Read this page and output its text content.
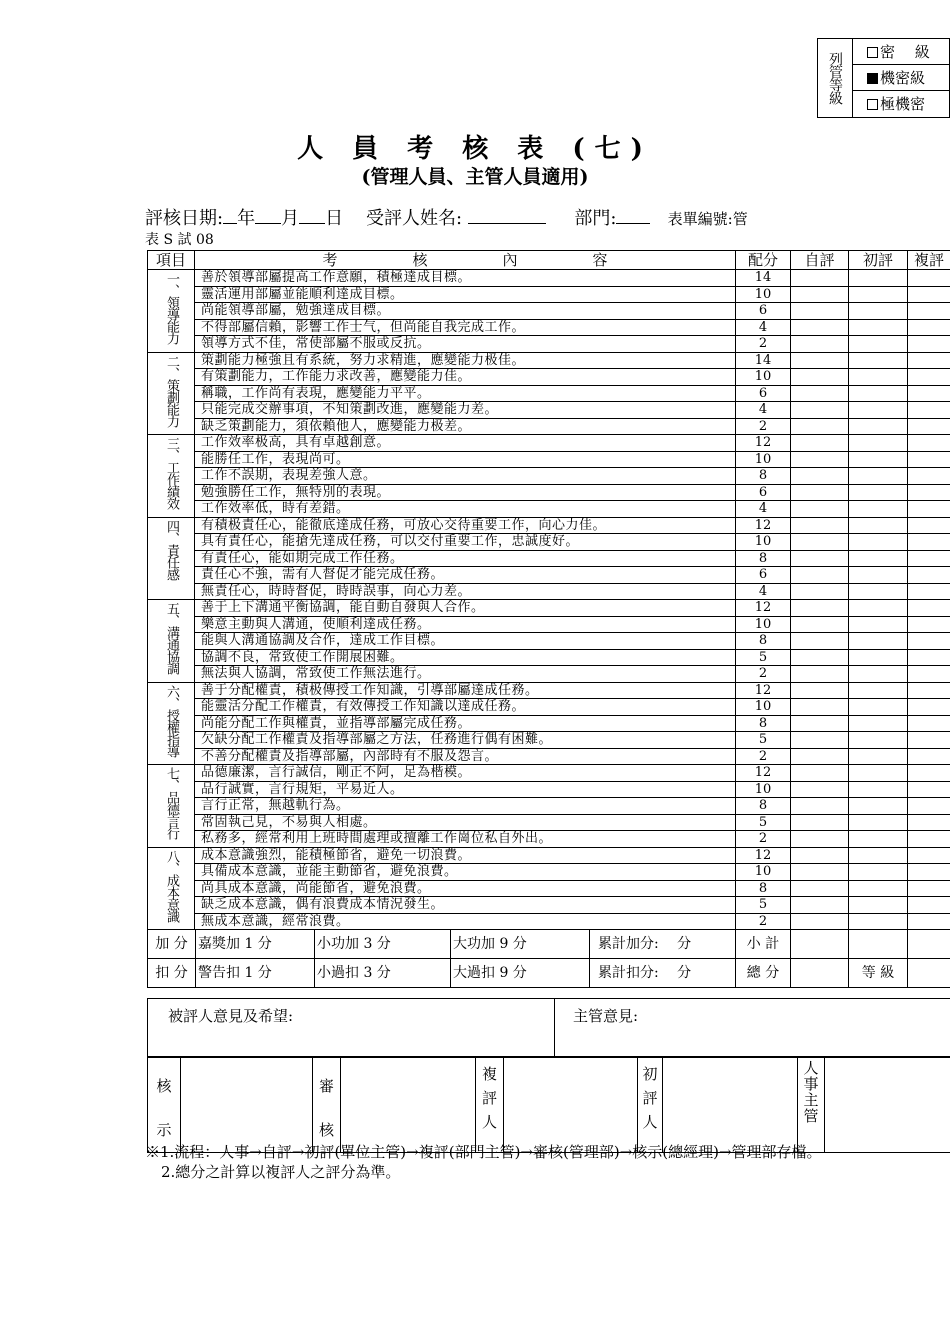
列管等級	密　 級
機密級
極機密
人 員 考 核 表 (七)
(管理人員、主管人員適用)
評核日期: 年 月 日 受評人姓名:	部門:	表單編號:管
表 S 試 08
項目	考　　　　　核　　　　　內　　　　　容	配分	自評	初評	複評
一、領導能力	善於領導部屬提高工作意願，積極達成目標。	14			
	靈活運用部屬並能順利達成目標。	10			
	尚能領導部屬，勉強達成目標。	6			
	不得部屬信賴，影響工作士气，但尚能自我完成工作。	4			
	領導方式不佳，常使部屬不服或反抗。	2			
二、策劃能力	策劃能力極強且有系統，努力求精進，應變能力极佳。	14			
	有策劃能力，工作能力求改善，應變能力佳。	10			
	稱職，工作尚有表現，應變能力平平。	6			
	只能完成交辦事項，不知策劃改進，應變能力差。	4			
	缺乏策劃能力，須依賴他人，應變能力极差。	2			
三、工作績效	工作效率极高，具有卓越創意。	12			
	能勝任工作，表現尚可。	10			
	工作不誤期，表現差強人意。	8			
	勉強勝任工作，無特別的表現。	6			
	工作效率低，時有差錯。	4			
四、責任感	有積极責任心，能徹底達成任務，可放心交待重要工作，向心力佳。	12			
	具有責任心，能搶先達成任務，可以交付重要工作，忠誠度好。	10			
	有責任心，能如期完成工作任務。	8			
	責任心不強，需有人督促才能完成任務。	6			
	無責任心，時時督促，時時誤事，向心力差。	4			
五、溝通協調	善于上下溝通平衡協調，能自動自發與人合作。	12			
	樂意主動與人溝通，使順利達成任務。	10			
	能與人溝通協調及合作，達成工作目標。	8			
	協調不良，常致使工作開展困難。	5			
	無法與人協調，常致使工作無法進行。	2			
六、授權指導	善于分配權責，積极傳授工作知識，引導部屬達成任務。	12			
	能靈活分配工作權責，有效傳授工作知識以達成任務。	10			
	尚能分配工作與權責，並指導部屬完成任務。	8			
	欠缺分配工作權責及指導部屬之方法，任務進行偶有困難。	5			
	不善分配權責及指導部屬，內部時有不服及怨言。	2			
七、品德言行	品德廉潔，言行誠信，剛正不阿，足為楷模。	12			
	品行誠實，言行規矩，平易近人。	10			
	言行正常，無越軌行為。	8			
	常固執己見，不易與人相處。	5			
	私務多，經常利用上班時間處理或擅離工作崗位私自外出。	2			
八、成本意識	成本意識強烈，能積極節省，避免一切浪費。	12			
	具備成本意識，並能主動節省，避免浪費。	10			
	尚具成本意識，尚能節省，避免浪費。	8			
	缺乏成本意識，偶有浪費成本情況發生。	5			
	無成本意識，經常浪費。	2			

加 分 嘉獎加 1 分 小功加 3 分 大功加 9 分 累計加分:　 分		小 計			

扣 分 警告扣 1 分 小過扣 3 分 大過扣 9 分 累計扣分:　 分		總 分		等 級	
被評人意見及希望:	主管意見:
核
示

審
核

複
評
人

初
評
人

人
事
主
管

※1.流程：人事→自評→初評(單位主管)→複評(部門主管)→審核(管理部)→核示(總經理)→管理部存檔。
2.總分之計算以複評人之評分為準。
